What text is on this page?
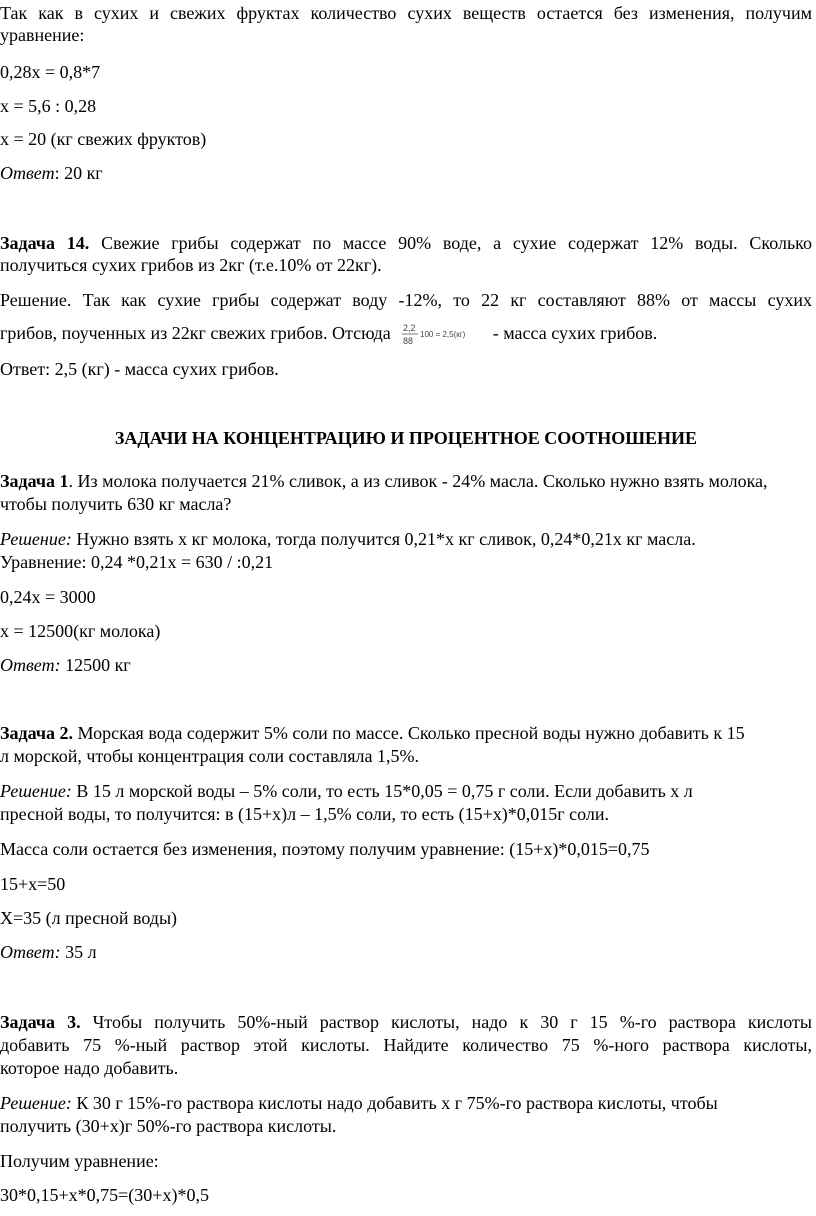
Так как в сухих и свежих фруктах количество сухих веществ остается без изменения, получим
уравнение:
0,28х = 0,8*7
х = 5,6 : 0,28
х = 20 (кг свежих фруктов)
Ответ: 20 кг
Задача 14. Свежие грибы содержат по массе 90% воде, а сухие содержат 12% воды. Сколько
получиться сухих грибов из 2кг (т.е.10% от 22кг).
Решение. Так как сухие грибы содержат воду -12%, то 22 кг составляют 88% от массы сухих
грибов, поученных из 22кг свежих грибов. Отсюда 2,2
88
100 = 2,5(кг) - масса сухих грибов.
Ответ: 2,5 (кг) - масса сухих грибов.
ЗАДАЧИ НА КОНЦЕНТРАЦИЮ И ПРОЦЕНТНОЕ СООТНОШЕНИЕ
Задача 1. Из молока получается 21% сливок, а из сливок - 24% масла. Сколько нужно взять молока,
чтобы получить 630 кг масла?
Решение: Нужно взять х кг молока, тогда получится 0,21*х кг сливок, 0,24*0,21х кг масла.
Уравнение: 0,24 *0,21х = 630 / :0,21
0,24х = 3000
х = 12500(кг молока)
Ответ: 12500 кг
Задача 2. Морская вода содержит 5% соли по массе. Сколько пресной воды нужно добавить к 15
л морской, чтобы концентрация соли составляла 1,5%.
Решение: В 15 л морской воды – 5% соли, то есть 15*0,05 = 0,75 г соли. Если добавить х л
пресной воды, то получится: в (15+х)л – 1,5% соли, то есть (15+х)*0,015г соли.
Масса соли остается без изменения, поэтому получим уравнение: (15+х)*0,015=0,75
15+х=50
Х=35 (л пресной воды)
Ответ: 35 л
Задача 3. Чтобы получить 50%-ный раствор кислоты, надо к 30 г 15 %-го раствора кислоты
добавить 75 %-ный раствор этой кислоты. Найдите количество 75 %-ного раствора кислоты,
которое надо добавить.
Решение: К 30 г 15%-го раствора кислоты надо добавить х г 75%-го раствора кислоты, чтобы
получить (30+х)г 50%-го раствора кислоты.
Получим уравнение:
30*0,15+х*0,75=(30+х)*0,5
